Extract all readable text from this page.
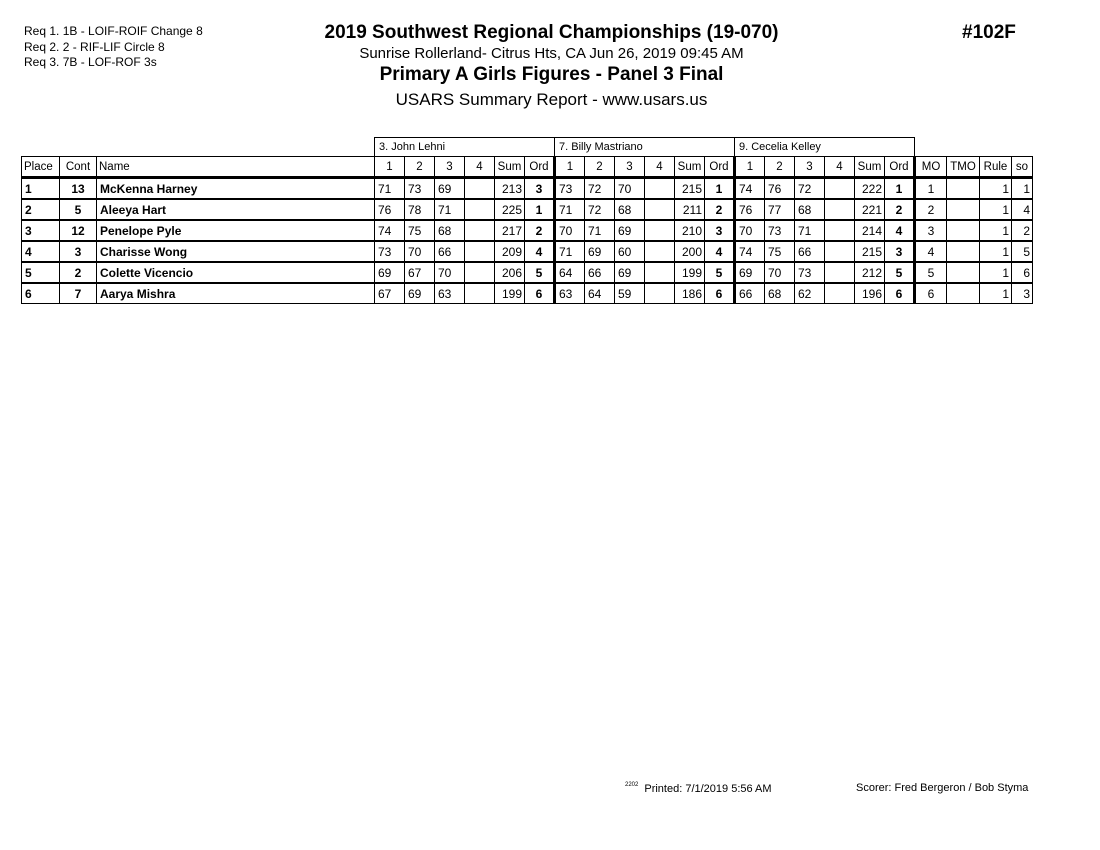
Req 1. 1B - LOIF-ROIF Change 8
Req 2. 2 - RIF-LIF Circle 8
Req 3. 7B - LOF-ROF 3s
2019 Southwest Regional Championships (19-070)
Sunrise Rollerland- Citrus Hts, CA Jun 26, 2019 09:45 AM
Primary A Girls Figures - Panel 3 Final
USARS Summary Report - www.usars.us
#102F
			3. John Lehni						7. Billy Mastriano						9. Cecelia Kelley									
Place	Cont	Name	1	2	3	4	Sum	Ord	1	2	3	4	Sum	Ord	1	2	3	4	Sum	Ord	MO	TMO	Rule	so
1	13	McKenna Harney	71	73	69		213	3	73	72	70		215	1	74	76	72		222	1	1		1	1
2	5	Aleeya Hart	76	78	71		225	1	71	72	68		211	2	76	77	68		221	2	2		1	4
3	12	Penelope Pyle	74	75	68		217	2	70	71	69		210	3	70	73	71		214	4	3		1	2
4	3	Charisse Wong	73	70	66		209	4	71	69	60		200	4	74	75	66		215	3	4		1	5
5	2	Colette Vicencio	69	67	70		206	5	64	66	69		199	5	69	70	73		212	5	5		1	6
6	7	Aarya Mishra	67	69	63		199	6	63	64	59		186	6	66	68	62		196	6	6		1	3
$^{2202}$ Printed: 7/1/2019 5:56 AM	Scorer: Fred Bergeron / Bob Styma
